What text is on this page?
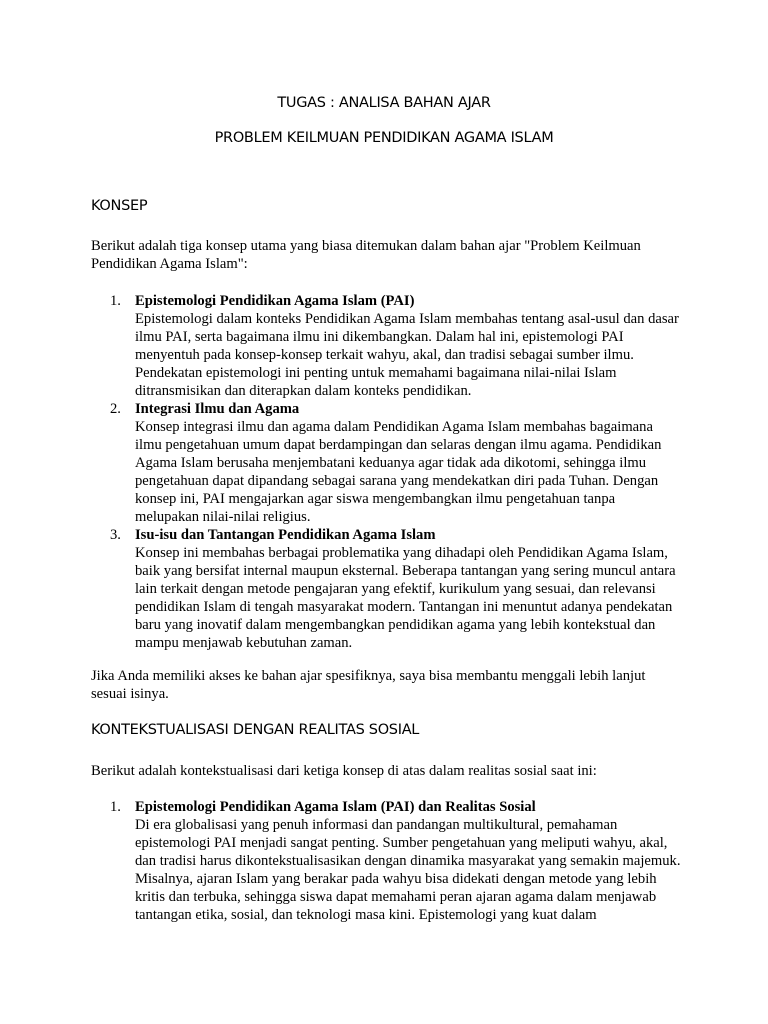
TUGAS : ANALISA BAHAN AJAR
PROBLEM KEILMUAN PENDIDIKAN AGAMA ISLAM
KONSEP
Berikut adalah tiga konsep utama yang biasa ditemukan dalam bahan ajar "Problem Keilmuan Pendidikan Agama Islam":
1. Epistemologi Pendidikan Agama Islam (PAI)
Epistemologi dalam konteks Pendidikan Agama Islam membahas tentang asal-usul dan dasar ilmu PAI, serta bagaimana ilmu ini dikembangkan. Dalam hal ini, epistemologi PAI menyentuh pada konsep-konsep terkait wahyu, akal, dan tradisi sebagai sumber ilmu. Pendekatan epistemologi ini penting untuk memahami bagaimana nilai-nilai Islam ditransmisikan dan diterapkan dalam konteks pendidikan.
2. Integrasi Ilmu dan Agama
Konsep integrasi ilmu dan agama dalam Pendidikan Agama Islam membahas bagaimana ilmu pengetahuan umum dapat berdampingan dan selaras dengan ilmu agama. Pendidikan Agama Islam berusaha menjembatani keduanya agar tidak ada dikotomi, sehingga ilmu pengetahuan dapat dipandang sebagai sarana yang mendekatkan diri pada Tuhan. Dengan konsep ini, PAI mengajarkan agar siswa mengembangkan ilmu pengetahuan tanpa melupakan nilai-nilai religius.
3. Isu-isu dan Tantangan Pendidikan Agama Islam
Konsep ini membahas berbagai problematika yang dihadapi oleh Pendidikan Agama Islam, baik yang bersifat internal maupun eksternal. Beberapa tantangan yang sering muncul antara lain terkait dengan metode pengajaran yang efektif, kurikulum yang sesuai, dan relevansi pendidikan Islam di tengah masyarakat modern. Tantangan ini menuntut adanya pendekatan baru yang inovatif dalam mengembangkan pendidikan agama yang lebih kontekstual dan mampu menjawab kebutuhan zaman.
Jika Anda memiliki akses ke bahan ajar spesifiknya, saya bisa membantu menggali lebih lanjut sesuai isinya.
KONTEKSTUALISASI DENGAN REALITAS SOSIAL
Berikut adalah kontekstualisasi dari ketiga konsep di atas dalam realitas sosial saat ini:
1. Epistemologi Pendidikan Agama Islam (PAI) dan Realitas Sosial
Di era globalisasi yang penuh informasi dan pandangan multikultural, pemahaman epistemologi PAI menjadi sangat penting. Sumber pengetahuan yang meliputi wahyu, akal, dan tradisi harus dikontekstualisasikan dengan dinamika masyarakat yang semakin majemuk. Misalnya, ajaran Islam yang berakar pada wahyu bisa didekati dengan metode yang lebih kritis dan terbuka, sehingga siswa dapat memahami peran ajaran agama dalam menjawab tantangan etika, sosial, dan teknologi masa kini. Epistemologi yang kuat dalam
